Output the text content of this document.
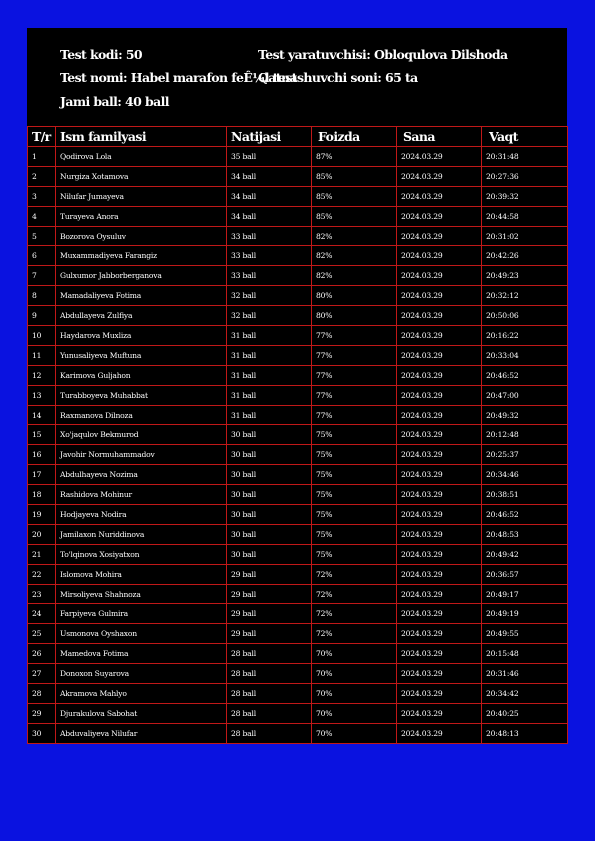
Test kodi: 50	Test yaratuvchisi: Obloqulova Dilshoda
Test nomi: Habel marafon feÊ¼l test
Qatnashuvchi soni: 65 ta
Jami ball: 40 ball
T/r	Ism familyasi	Natijasi	Foizda	Sana	Vaqt
1	Qodirova Lola	35 ball	87%	2024.03.29	20:31:48
2	Nurgiza Xotamova	34 ball	85%	2024.03.29	20:27:36
3	Nilufar Jumayeva	34 ball	85%	2024.03.29	20:39:32
4	Turayeva Anora	34 ball	85%	2024.03.29	20:44:58
5	Bozorova Oysuluv	33 ball	82%	2024.03.29	20:31:02
6	Muxammadiyeva Farangiz	33 ball	82%	2024.03.29	20:42:26
7	Gulxumor Jabborberganova	33 ball	82%	2024.03.29	20:49:23
8	Mamadaliyeva Fotima	32 ball	80%	2024.03.29	20:32:12
9	Abdullayeva Zulfiya	32 ball	80%	2024.03.29	20:50:06
10	Haydarova Muxliza	31 ball	77%	2024.03.29	20:16:22
11	Yunusaliyeva Muftuna	31 ball	77%	2024.03.29	20:33:04
12	Karimova Guljahon	31 ball	77%	2024.03.29	20:46:52
13	Turabboyeva Muhabbat	31 ball	77%	2024.03.29	20:47:00
14	Raxmanova Dilnoza	31 ball	77%	2024.03.29	20:49:32
15	Xo'jaqulov Bekmurod	30 ball	75%	2024.03.29	20:12:48
16	Javohir Normuhammadov	30 ball	75%	2024.03.29	20:25:37
17	Abdulhayeva Nozima	30 ball	75%	2024.03.29	20:34:46
18	Rashidova Mohinur	30 ball	75%	2024.03.29	20:38:51
19	Hodjayeva Nodira	30 ball	75%	2024.03.29	20:46:52
20	Jamilaxon Nuriddinova	30 ball	75%	2024.03.29	20:48:53
21	To'lqinova Xosiyatxon	30 ball	75%	2024.03.29	20:49:42
22	Islomova Mohira	29 ball	72%	2024.03.29	20:36:57
23	Mirsoliyeva Shahnoza	29 ball	72%	2024.03.29	20:49:17
24	Farpiyeva Gulmira	29 ball	72%	2024.03.29	20:49:19
25	Usmonova Oyshaxon	29 ball	72%	2024.03.29	20:49:55
26	Mamedova Fotima	28 ball	70%	2024.03.29	20:15:48
27	Donoxon Suyarova	28 ball	70%	2024.03.29	20:31:46
28	Akramova Mahlyo	28 ball	70%	2024.03.29	20:34:42
29	Djurakulova Sabohat	28 ball	70%	2024.03.29	20:40:25
30	Abduvaliyeva Nilufar	28 ball	70%	2024.03.29	20:48:13
